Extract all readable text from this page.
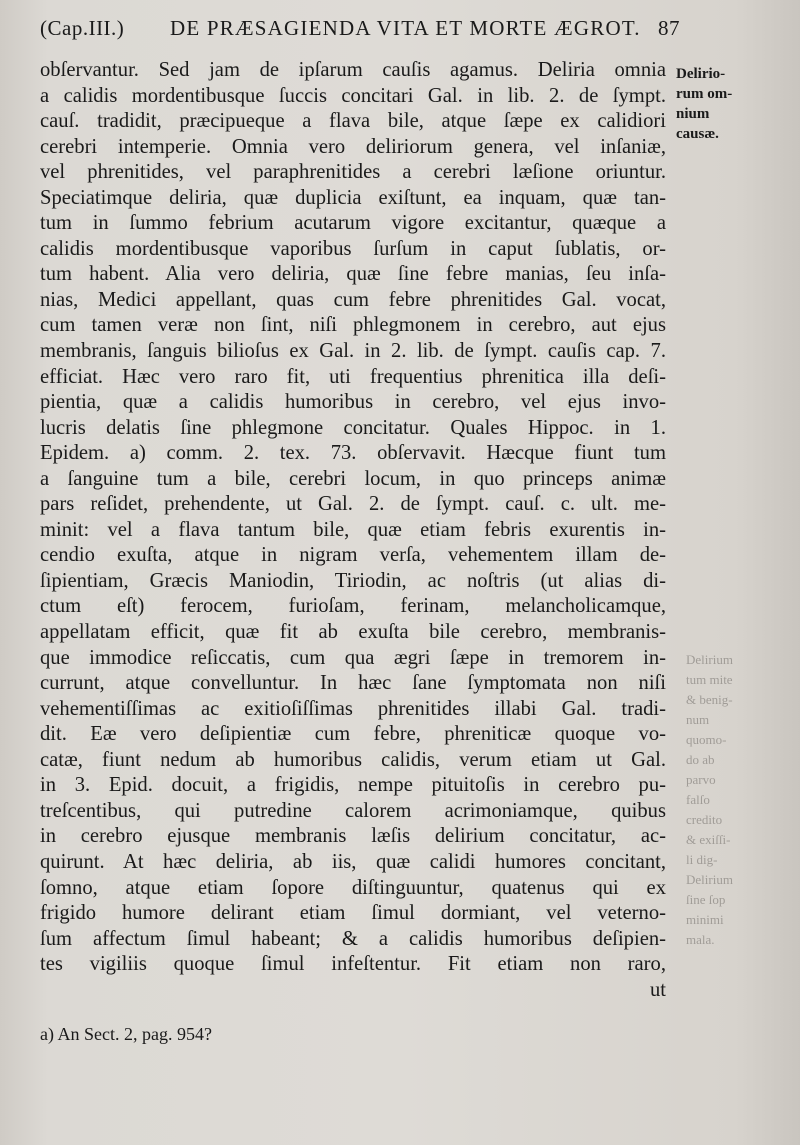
(Cap.III.) DE PRÆSAGIENDA VITA ET MORTE ÆGROT. 87
obſervantur. Sed jam de ipſarum cauſis agamus. Deliria omnia
a calidis mordentibusque ſuccis concitari Gal. in lib. 2. de ſympt.
cauſ. tradidit, præcipueque a flava bile, atque ſæpe ex calidiori
cerebri intemperie. Omnia vero deliriorum genera, vel inſaniæ,
vel phrenitides, vel paraphrenitides a cerebri læſione oriuntur.
Speciatimque deliria, quæ duplicia exiſtunt, ea inquam, quæ tan-
tum in ſummo febrium acutarum vigore excitantur, quæque a
calidis mordentibusque vaporibus ſurſum in caput ſublatis, or-
tum habent. Alia vero deliria, quæ ſine febre manias, ſeu inſa-
nias, Medici appellant, quas cum febre phrenitides Gal. vocat,
cum tamen veræ non ſint, niſi phlegmonem in cerebro, aut ejus
membranis, ſanguis bilioſus ex Gal. in 2. lib. de ſympt. cauſis cap. 7.
efficiat. Hæc vero raro fit, uti frequentius phrenitica illa deſi-
pientia, quæ a calidis humoribus in cerebro, vel ejus invo-
lucris delatis ſine phlegmone concitatur. Quales Hippoc. in 1.
Epidem. a) comm. 2. tex. 73. obſervavit. Hæcque fiunt tum
a ſanguine tum a bile, cerebri locum, in quo princeps animæ
pars reſidet, prehendente, ut Gal. 2. de ſympt. cauſ. c. ult. me-
minit: vel a flava tantum bile, quæ etiam febris exurentis in-
cendio exuſta, atque in nigram verſa, vehementem illam de-
ſipientiam, Græcis Maniodin, Tiriodin, ac noſtris (ut alias di-
ctum eſt) ferocem, furioſam, ferinam, melancholicamque,
appellatam efficit, quæ fit ab exuſta bile cerebro, membranis-
que immodice reſiccatis, cum qua ægri ſæpe in tremorem in-
currunt, atque convelluntur. In hæc ſane ſymptomata non niſi
vehementiſſimas ac exitioſiſſimas phrenitides illabi Gal. tradi-
dit. Eæ vero deſipientiæ cum febre, phreniticæ quoque vo-
catæ, fiunt nedum ab humoribus calidis, verum etiam ut Gal.
in 3. Epid. docuit, a frigidis, nempe pituitoſis in cerebro pu-
treſcentibus, qui putredine calorem acrimoniamque, quibus
in cerebro ejusque membranis læſis delirium concitatur, ac-
quirunt. At hæc deliria, ab iis, quæ calidi humores concitant,
ſomno, atque etiam ſopore diſtinguuntur, quatenus qui ex
frigido humore delirant etiam ſimul dormiant, vel veterno-
ſum affectum ſimul habeant; & a calidis humoribus deſipien-
tes vigiliis quoque ſimul infeſtentur. Fit etiam non raro,
ut
Delirio-
rum om-
nium
causæ.
Delirium
tum mite
& benig-
num
quomo-
do ab
parvo
falſo
credito
& exiſſi-
li dig-
Delirium
ſine ſop
minimi
mala.
a) An Sect. 2, pag. 954?
